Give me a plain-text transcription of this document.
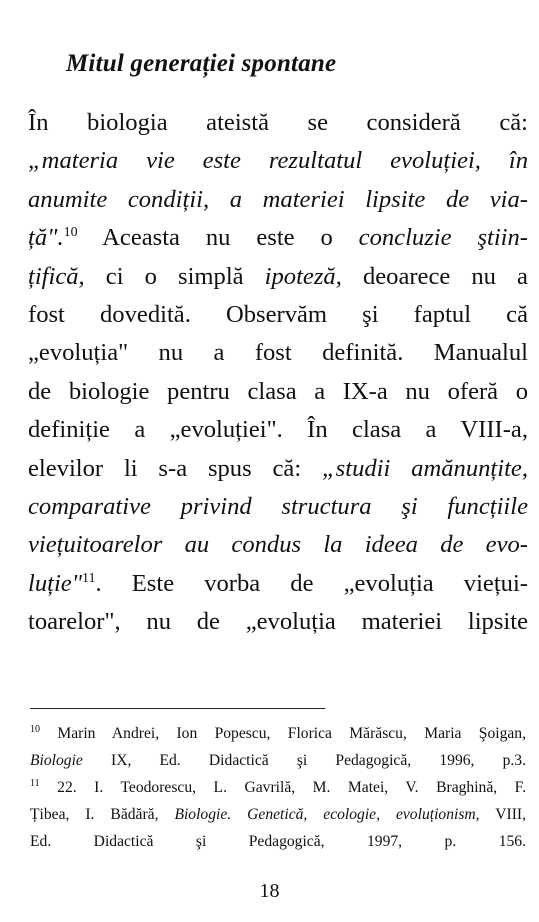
Mitul generației spontane
În biologia ateistă se consideră că:
„materia vie este rezultatul evoluției, în
anumite condiții, a materiei lipsite de via-
ță".$^{10}$ Aceasta nu este o concluzie ştiin-
țifică, ci o simplă ipoteză, deoarece nu a
fost dovedită. Observăm şi faptul că
„evoluția" nu a fost definită. Manualul
de biologie pentru clasa a IX-a nu oferă o
definiție a „evoluției". În clasa a VIII-a,
elevilor li s-a spus că: „studii amănunțite,
comparative privind structura şi funcțiile
viețuitoarelor au condus la ideea de evo-
luție"$^{11}$. Este vorba de „evoluția viețui-
toarelor", nu de „evoluția materiei lipsite
$^{10}$ Marin Andrei, Ion Popescu, Florica Mărăscu, Maria Şoigan,
Biologie IX, Ed. Didactică şi Pedagogică, 1996, p.3.
$^{11}$ 22. I. Teodorescu, L. Gavrilă, M. Matei, V. Braghină, F.
Țibea, I. Bădără, Biologie. Genetică, ecologie, evoluționism, VIII,
Ed. Didactică şi Pedagogică, 1997, p. 156.
18
